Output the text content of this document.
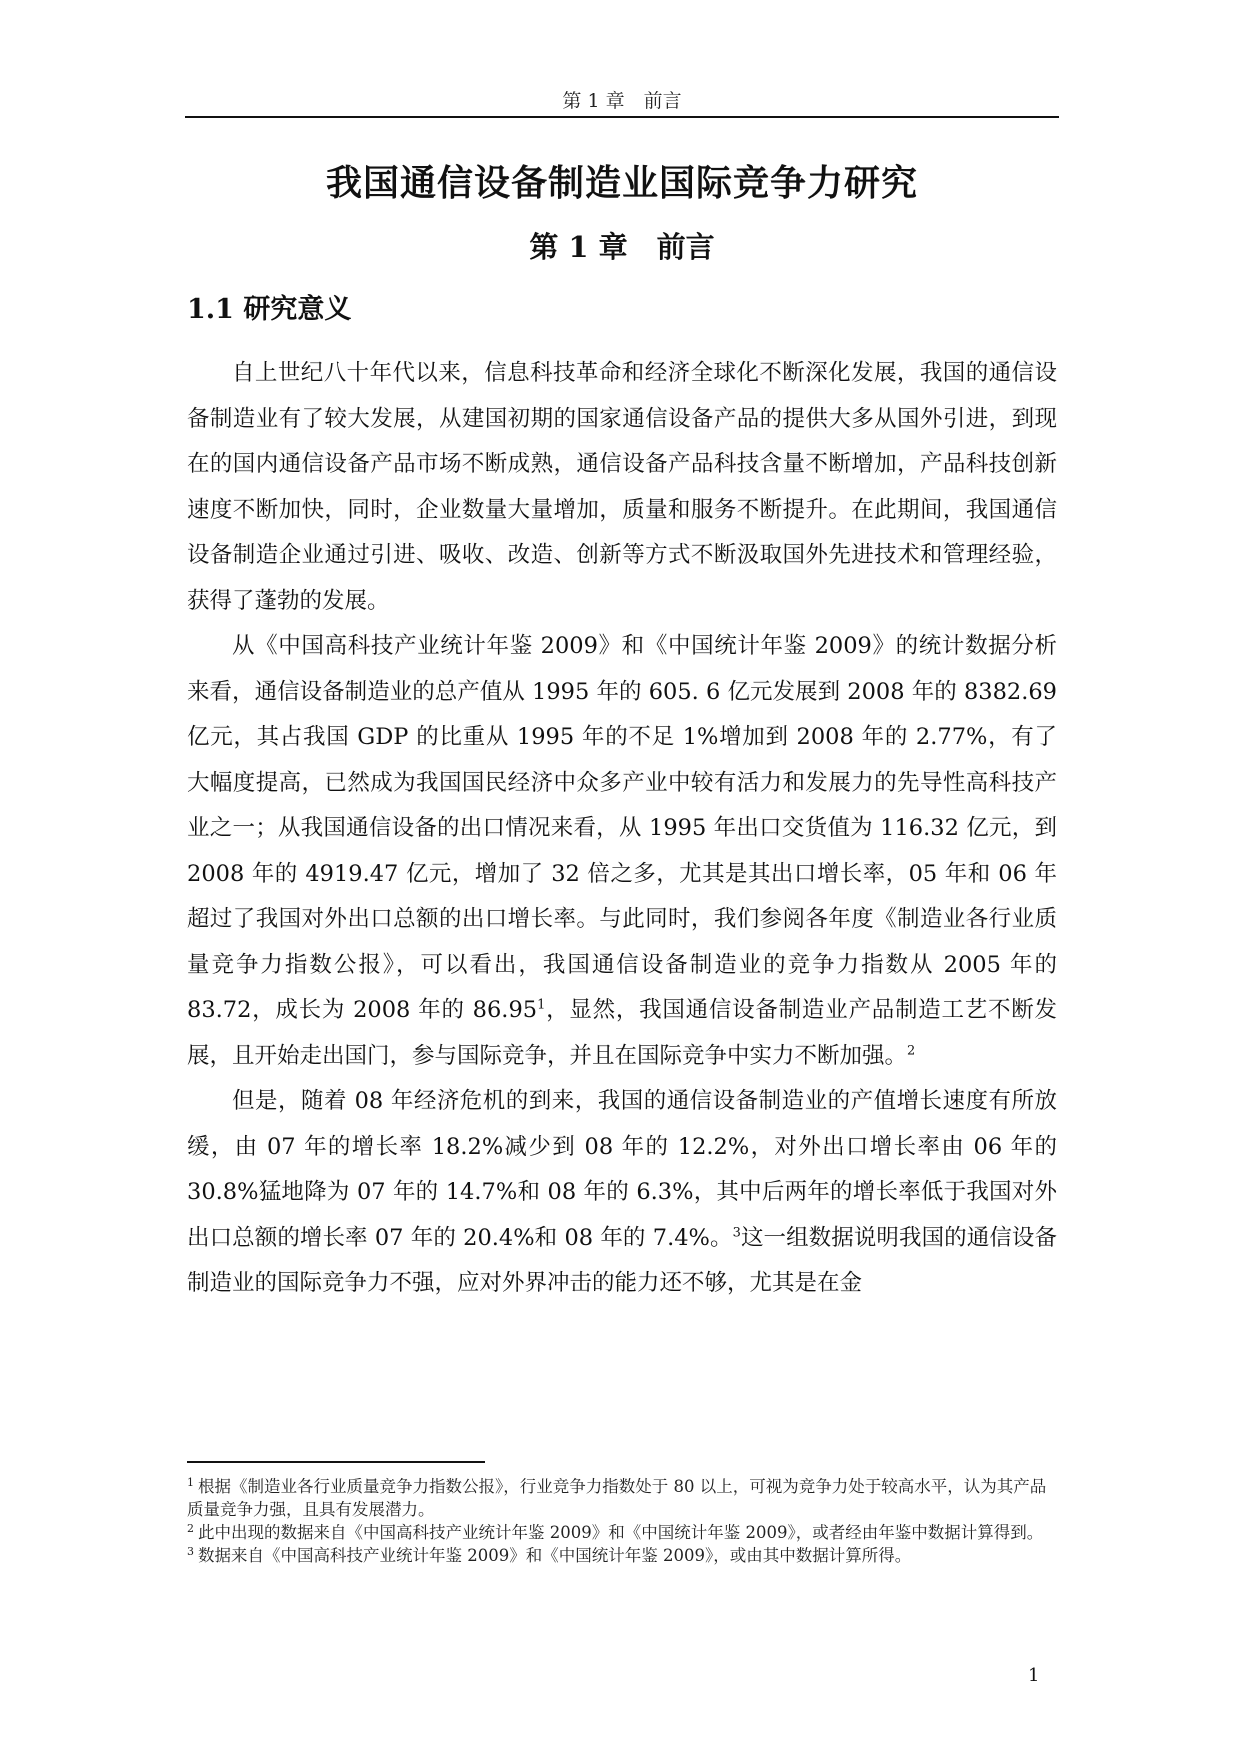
第 1 章　前言
我国通信设备制造业国际竞争力研究
第 1 章　前言
1.1 研究意义

自上世纪八十年代以来，信息科技革命和经济全球化不断深化发展，我国的通信设备制造业有了较大发展，从建国初期的国家通信设备产品的提供大多从国外引进，到现在的国内通信设备产品市场不断成熟，通信设备产品科技含量不断增加，产品科技创新速度不断加快，同时，企业数量大量增加，质量和服务不断提升。在此期间，我国通信设备制造企业通过引进、吸收、改造、创新等方式不断汲取国外先进技术和管理经验，获得了蓬勃的发展。

从《中国高科技产业统计年鉴 2009》和《中国统计年鉴 2009》的统计数据分析来看，通信设备制造业的总产值从 1995 年的 605. 6 亿元发展到 2008 年的 8382.69 亿元，其占我国 GDP 的比重从 1995 年的不足 1%增加到 2008 年的 2.77%，有了大幅度提高，已然成为我国国民经济中众多产业中较有活力和发展力的先导性高科技产业之一；从我国通信设备的出口情况来看，从 1995 年出口交货值为 116.32 亿元，到 2008 年的 4919.47 亿元，增加了 32 倍之多，尤其是其出口增长率，05 年和 06 年超过了我国对外出口总额的出口增长率。与此同时，我们参阅各年度《制造业各行业质量竞争力指数公报》，可以看出，我国通信设备制造业的竞争力指数从 2005 年的 83.72，成长为 2008 年的 86.95$^1$，显然，我国通信设备制造业产品制造工艺不断发展，且开始走出国门，参与国际竞争，并且在国际竞争中实力不断加强。$^2$

但是，随着 08 年经济危机的到来，我国的通信设备制造业的产值增长速度有所放缓，由 07 年的增长率 18.2%减少到 08 年的 12.2%，对外出口增长率由 06 年的 30.8%猛地降为 07 年的 14.7%和 08 年的 6.3%，其中后两年的增长率低于我国对外出口总额的增长率 07 年的 20.4%和 08 年的 7.4%。$^3$这一组数据说明我国的通信设备制造业的国际竞争力不强，应对外界冲击的能力还不够，尤其是在金

$^1$ 根据《制造业各行业质量竞争力指数公报》，行业竞争力指数处于 80 以上，可视为竞争力处于较高水平，认为其产品质量竞争力强，且具有发展潜力。

$^2$ 此中出现的数据来自《中国高科技产业统计年鉴 2009》和《中国统计年鉴 2009》，或者经由年鉴中数据计算得到。

$^3$ 数据来自《中国高科技产业统计年鉴 2009》和《中国统计年鉴 2009》，或由其中数据计算所得。

1
